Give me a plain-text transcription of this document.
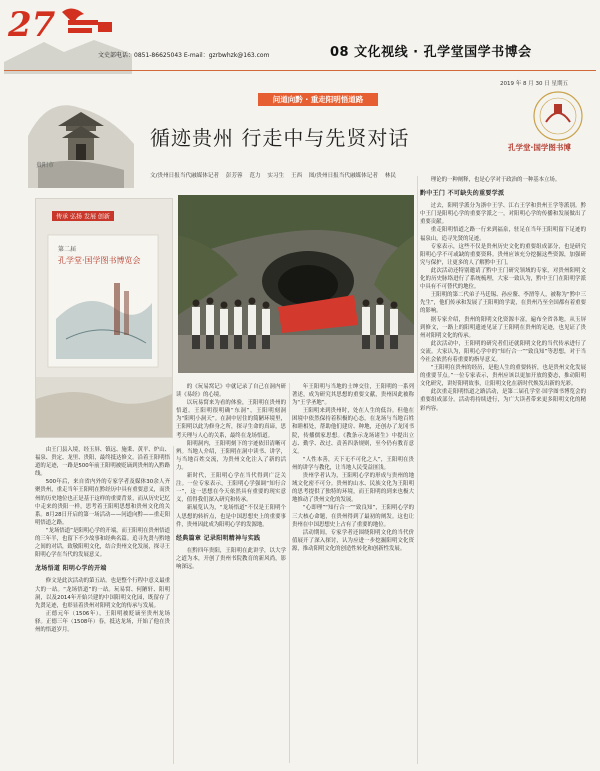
27
文史部电话：0851-86625043 E-mail：gzrbwhzk@163.com	08 文化视线 · 孔学堂国学书博会
2019 年 8 月 30 日 星期五
贵阳市
孔学堂·国学图书博
问道向黔 · 重走阳明悟道路
循迹贵州 行走中与先贤对话
文/贵州日报当代融媒体记者 彭芳蓉 范力 实习生 王西 图/贵州日报当代融媒体记者 林民
传承 弘扬 发展 创新
第二届
孔学堂·国学图书博览会

由王门县入境，经玉屏、镇远、施秉、黄平、炉山、福泉、贵定、龙里、贵阳，最终抵达修文。沿着王阳明悟道的足迹，一路是500年前王阳明被贬谪到贵州的入黔路线。

500年后，来自省内外的专家学者及媒体30余人齐聚贵州，重走当年王阳明在黔经历中具有重要意义，而贵州的历史地位也正是基于这样的重要背景，而从历史记忆中走来的贵阳一样，思考着王阳明思想和贵州文化的关系。8月28日开启的第一场活动——问道向黔——重走阳明悟道之路。

“龙场悟道”是阳明心学的开端，而王阳明在贵州悟道的三年半，也留下不少故事和经典名篇。追寻先贤与黔地之间的对话，致敬阳明文化，结合贵州文化发展，探寻王阳明心学在当代的发展意义。

龙场悟道 阳明心学的开端

修文是此次活动的第五站。也是整个行程中意义最重大的一站。“龙场悟道”的一站。玩易窝、何陋轩、阳明洞，以及2014年开始兴建的中国阳明文化园，既留存了先贤足迹，也彰显着贵州对阳明文化的传承与发展。

正德元年（1506年），王阳明被贬谪至贵州龙场驿。正德三年（1508年）春，抵达龙场，开始了他在贵州的悟道岁月。

的《玩易窝记》中就记录了自己在洞内研读《易经》的心境。

以玩易窝来为看的体验，王阳明在贵州的悟道。王阳明很明确“东洞”，王阳明刻洞为“阳明小洞天”。在洞中居住的简陋环境里，王阳明以此为修身之所，探寻生命的真谛，思考天理与人心的关系，最终在龙场悟道。

阳明洞内，王阳明刻下的字迹依旧清晰可辨。当地人介绍，王阳明在洞中读书、讲学，与当地百姓交流，为贵州文化注入了新的活力。

新时代，王阳明心学在当代得到广泛关注。一位专家表示，王阳明心学强调“知行合一”，这一思想在今天依然具有重要的现实意义，值得我们深入研究和传承。

新展览认为，“龙场悟道”不仅是王阳明个人思想的转折点，也是中国思想史上的重要事件，贵州因此成为阳明心学的发源地。

经典篇章 记录阳明精神与实践

在黔四年贵阳，王阳明在此讲学，以大学之道为本，开创了贵州书院教育的新风尚，影响深远。

年王阳明与当地的士绅交往，王阳明的一系列著述，成为研究其思想的重要文献，贵州因此被称为“王学圣地”。

王阳明来到贵州时，处在人生的低谷。但他在困境中依然保持着积极的心态，在龙场与当地百姓和睦相处，帮助他们建房、种地，还创办了龙冈书院，传播儒家思想。《教条示龙场诸生》中提出立志、勤学、改过、责善四条规则，至今仍有教育意义。

“人性本善，天下无不可化之人”，王阳明在贵州的讲学与教化，让当地人民受益匪浅。

贵州学者认为，王阳明心学的形成与贵州的地域文化密不可分。贵州的山水、民族文化为王阳明的思考提供了独特的环境，而王阳明的到来也极大地推动了贵州文化的发展。

“心即理”“知行合一”“致良知”，王阳明心学的三大核心命题，在贵州得到了最初的阐发。这也让贵州在中国思想史上占有了重要的地位。

活动期间，专家学者还围绕阳明文化的当代价值展开了深入探讨，认为应进一步挖掘阳明文化资源，推动阳明文化的创造性转化和创新性发展。

理论的一种阐释，也是心学对于政治的一种基本立场。

黔中王门 不可缺失的重要学派

过去，阳明学派分为浙中王学、江右王学和贵州王学等派别。黔中王门是阳明心学的重要学派之一，对阳明心学的传播和发展做出了重要贡献。

重走阳明悟道之路一行来到福泉，驻足在当年王阳明留下足迹的福泉山，追寻先贤的足迹。

专家表示，这些不仅是贵州历史文化的重要组成部分，也是研究阳明心学不可或缺的重要资料。贵州应该充分挖掘这些资源，加强研究与保护，让更多的人了解黔中王门。

此次活动还特别邀请了黔中王门研究领域的专家，对贵州阳明文化的历史脉络进行了系统梳理，大家一致认为，黔中王门在阳明学派中具有不可替代的地位。

王阳明的第二代弟子马廷锡、孙应鳌、李渭等人，被称为“黔中三先生”，他们传承和发展了王阳明的学说，在贵州乃至全国都有着重要的影响。

据专家介绍，贵州的阳明文化资源丰富，遍布全省各地。从玉屏到修文，一路上的阳明遗迹见证了王阳明在贵州的足迹，也见证了贵州对阳明文化的传承。

此次活动中，王阳明的研究者们还就阳明文化的当代传承进行了交流。大家认为，阳明心学中的“知行合一”“致良知”等思想，对于当今社会依然有着重要的指导意义。

“王阳明在贵州的经历，是他人生的重要转折，也是贵州文化发展的重要节点。”一位专家表示，贵州应该以更加开放的姿态，推动阳明文化研究，讲好阳明故事，让阳明文化在新时代焕发出新的光彩。

此次重走阳明悟道之路活动，是第二届孔学堂·国学图书博览会的重要组成部分。活动将持续进行，为广大读者带来更多阳明文化的精彩内容。
